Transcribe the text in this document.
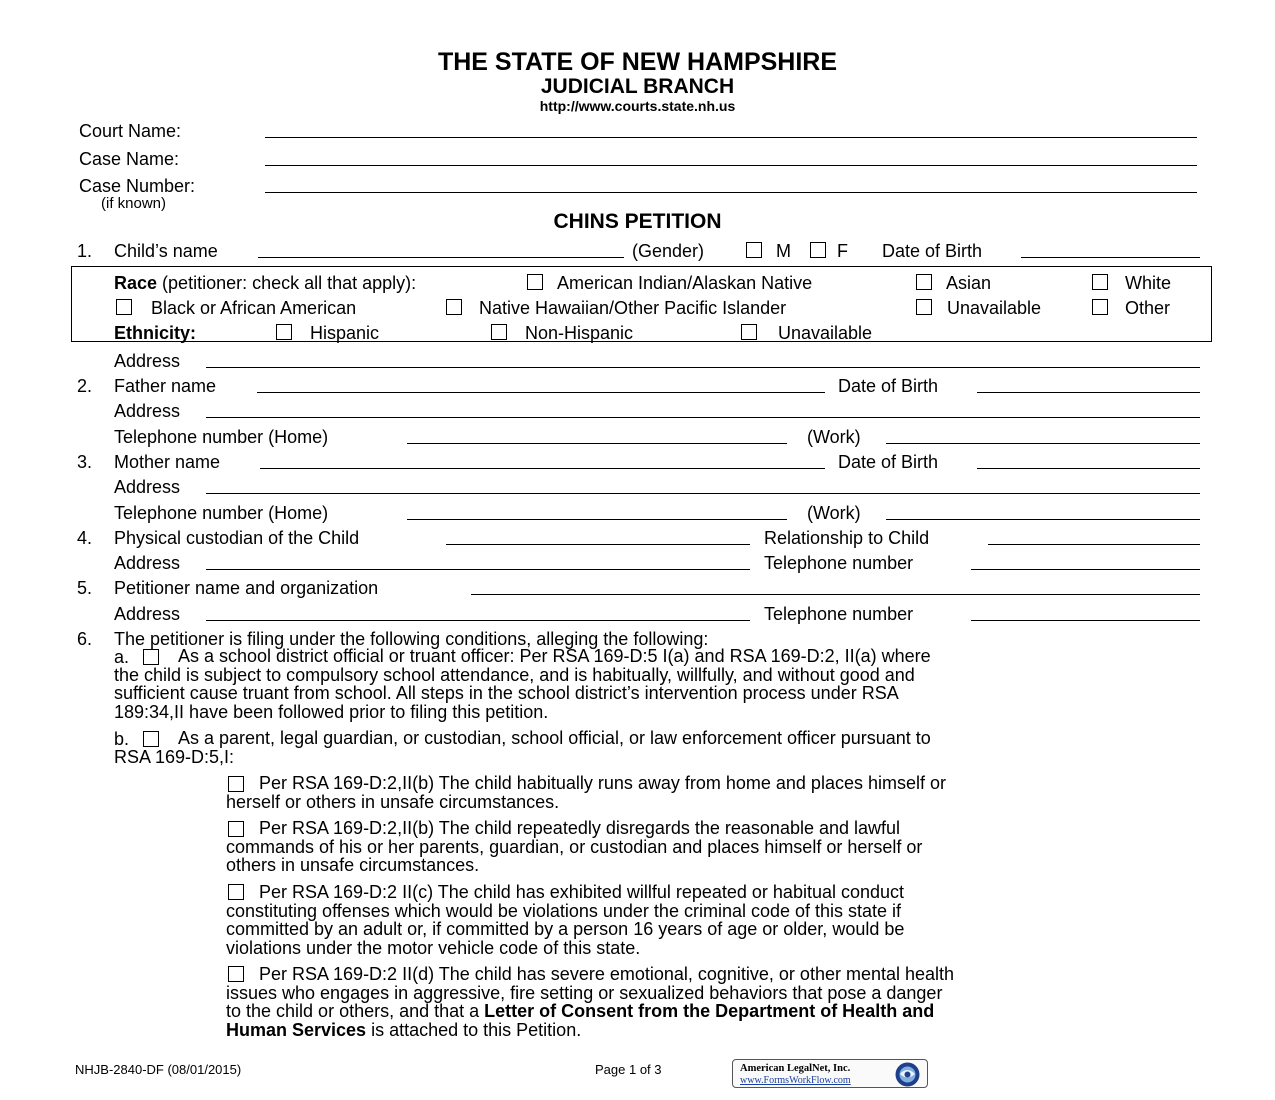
THE STATE OF NEW HAMPSHIRE
JUDICIAL BRANCH
http://www.courts.state.nh.us
Court Name:
Case Name:
Case Number:
(if known)
CHINS PETITION
1. Child’s name	(Gender)	M	F Date of Birth
Race (petitioner: check all that apply):	American Indian/Alaskan Native	Asian	White
Black or African American	Native Hawaiian/Other Pacific Islander	Unavailable	Other
Ethnicity:	Hispanic	Non-Hispanic	Unavailable
Address
2. Father name	Date of Birth
Address
Telephone number (Home)	(Work)
3. Mother name	Date of Birth
Address
Telephone number (Home)	(Work)
4. Physical custodian of the Child	Relationship to Child
Address	Telephone number
5. Petitioner name and organization
Address	Telephone number
6. The petitioner is filing under the following conditions, alleging the following:
a.	As a school district official or truant officer: Per RSA 169-D:5 I(a) and RSA 169-D:2, II(a) where
the child is subject to compulsory school attendance, and is habitually, willfully, and without good and
sufficient cause truant from school. All steps in the school district’s intervention process under RSA
189:34,II have been followed prior to filing this petition.
b.	As a parent, legal guardian, or custodian, school official, or law enforcement officer pursuant to
RSA 169-D:5,I:
Per RSA 169-D:2,II(b) The child habitually runs away from home and places himself or
herself or others in unsafe circumstances.
Per RSA 169-D:2,II(b) The child repeatedly disregards the reasonable and lawful
commands of his or her parents, guardian, or custodian and places himself or herself or
others in unsafe circumstances.
Per RSA 169-D:2 II(c) The child has exhibited willful repeated or habitual conduct
constituting offenses which would be violations under the criminal code of this state if
committed by an adult or, if committed by a person 16 years of age or older, would be
violations under the motor vehicle code of this state.
Per RSA 169-D:2 II(d) The child has severe emotional, cognitive, or other mental health
issues who engages in aggressive, fire setting or sexualized behaviors that pose a danger
to the child or others, and that a Letter of Consent from the Department of Health and
Human Services is attached to this Petition.
NHJB-2840-DF (08/01/2015)	Page 1 of 3	American LegalNet, Inc.
www.FormsWorkFlow.com
